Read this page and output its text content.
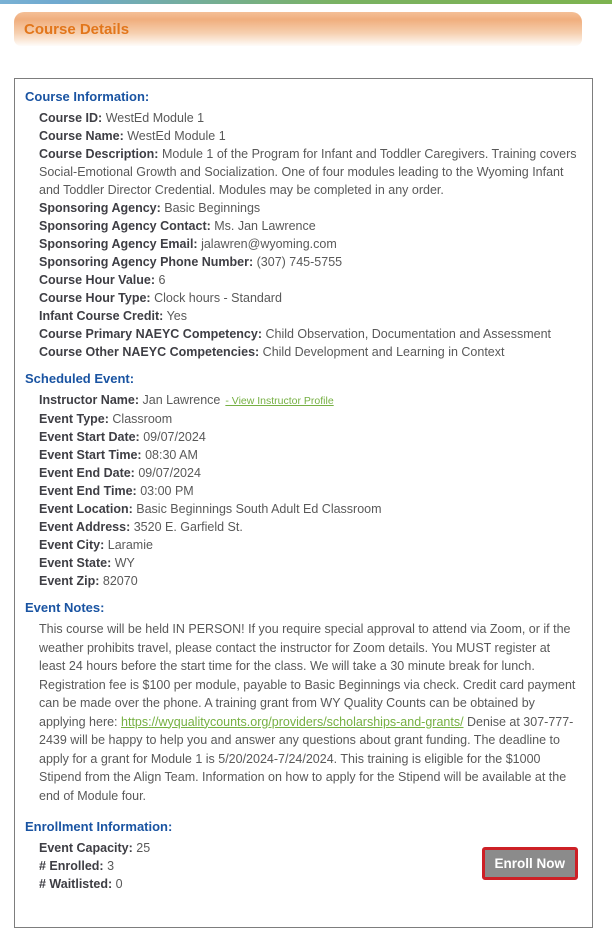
Course Details
Course Information:
Course ID: WestEd Module 1
Course Name: WestEd Module 1
Course Description: Module 1 of the Program for Infant and Toddler Caregivers. Training covers Social-Emotional Growth and Socialization. One of four modules leading to the Wyoming Infant and Toddler Director Credential. Modules may be completed in any order.
Sponsoring Agency: Basic Beginnings
Sponsoring Agency Contact: Ms. Jan Lawrence
Sponsoring Agency Email: jalawren@wyoming.com
Sponsoring Agency Phone Number: (307) 745-5755
Course Hour Value: 6
Course Hour Type: Clock hours - Standard
Infant Course Credit: Yes
Course Primary NAEYC Competency: Child Observation, Documentation and Assessment
Course Other NAEYC Competencies: Child Development and Learning in Context
Scheduled Event:
Instructor Name: Jan Lawrence - View Instructor Profile
Event Type: Classroom
Event Start Date: 09/07/2024
Event Start Time: 08:30 AM
Event End Date: 09/07/2024
Event End Time: 03:00 PM
Event Location: Basic Beginnings South Adult Ed Classroom
Event Address: 3520 E. Garfield St.
Event City: Laramie
Event State: WY
Event Zip: 82070
Event Notes:
This course will be held IN PERSON! If you require special approval to attend via Zoom, or if the weather prohibits travel, please contact the instructor for Zoom details. You MUST register at least 24 hours before the start time for the class. We will take a 30 minute break for lunch. Registration fee is $100 per module, payable to Basic Beginnings via check. Credit card payment can be made over the phone. A training grant from WY Quality Counts can be obtained by applying here: https://wyqualitycounts.org/providers/scholarships-and-grants/ Denise at 307-777-2439 will be happy to help you and answer any questions about grant funding. The deadline to apply for a grant for Module 1 is 5/20/2024-7/24/2024. This training is eligible for the $1000 Stipend from the Align Team. Information on how to apply for the Stipend will be available at the end of Module four.
Enrollment Information:
Event Capacity: 25
# Enrolled: 3
# Waitlisted: 0
Enroll Now
